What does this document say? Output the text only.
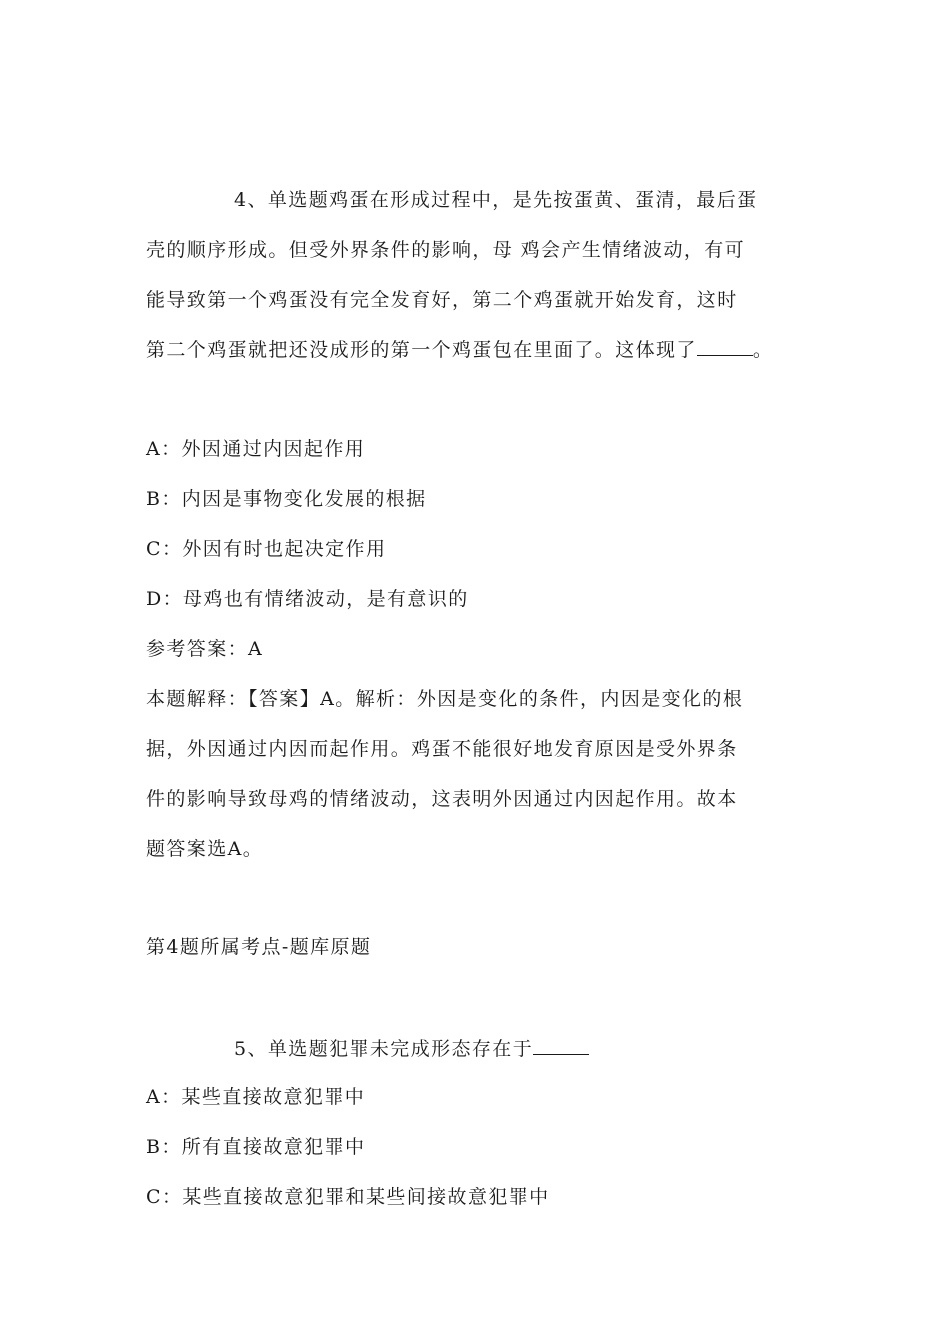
4、单选题鸡蛋在形成过程中，是先按蛋黄、蛋清，最后蛋
壳的顺序形成。但受外界条件的影响，母 鸡会产生情绪波动，有可
能导致第一个鸡蛋没有完全发育好，第二个鸡蛋就开始发育，这时
第二个鸡蛋就把还没成形的第一个鸡蛋包在里面了。这体现了	。
A：外因通过内因起作用
B：内因是事物变化发展的根据
C：外因有时也起决定作用
D：母鸡也有情绪波动，是有意识的
参考答案：A
本题解释：【答案】A。解析：外因是变化的条件，内因是变化的根
据，外因通过内因而起作用。鸡蛋不能很好地发育原因是受外界条
件的影响导致母鸡的情绪波动，这表明外因通过内因起作用。故本
题答案选A。
第4题所属考点-题库原题
5、单选题犯罪未完成形态存在于
A：某些直接故意犯罪中
B：所有直接故意犯罪中
C：某些直接故意犯罪和某些间接故意犯罪中
